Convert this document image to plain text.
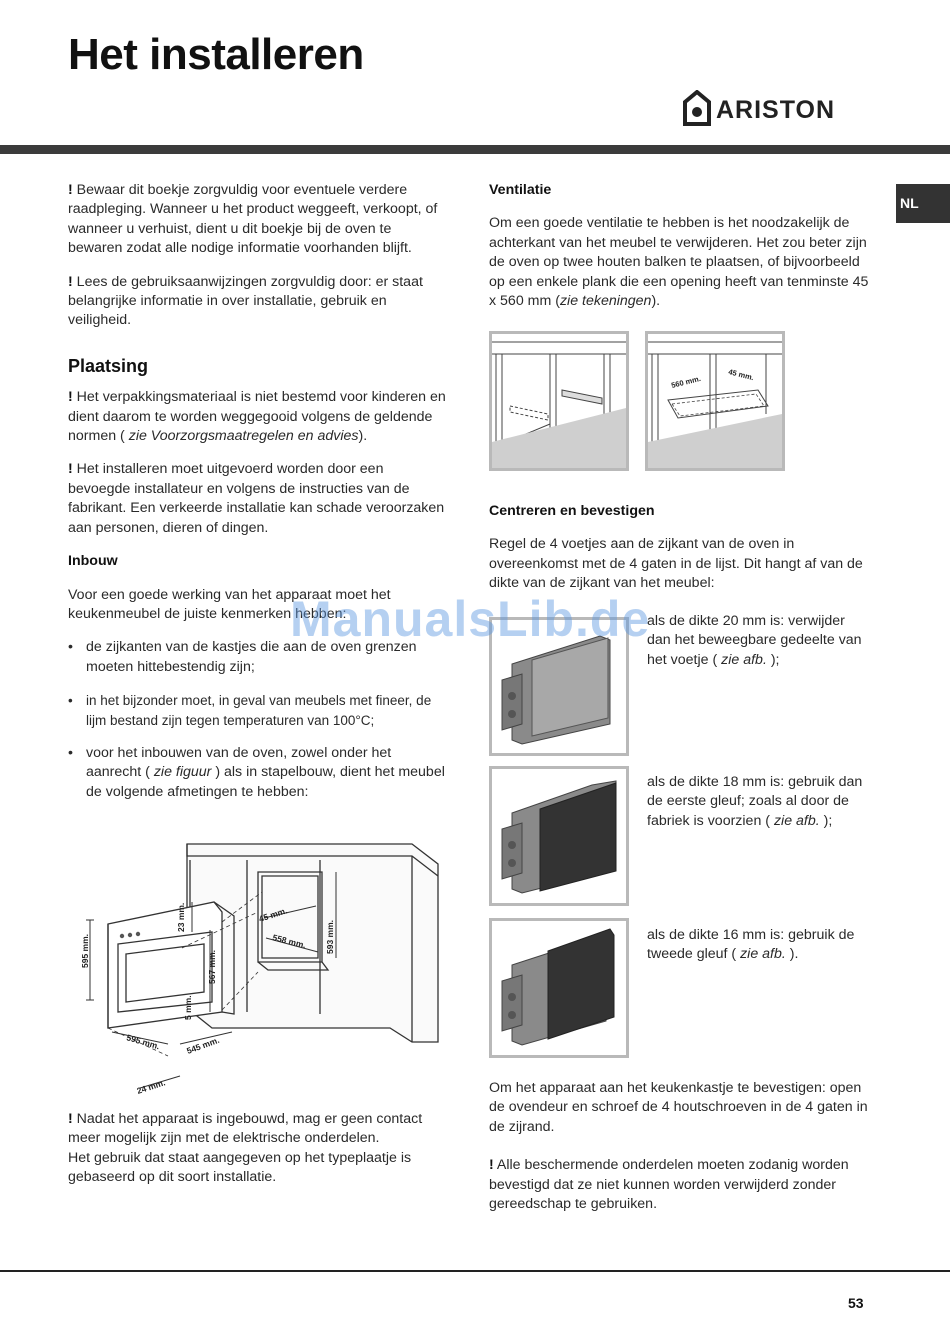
Het installeren
ARISTON
NL

! Bewaar dit boekje zorgvuldig voor eventuele verdere raadpleging. Wanneer u het product weggeeft, verkoopt, of wanneer u verhuist, dient u dit boekje bij de oven te bewaren zodat alle nodige informatie voorhanden blijft.

! Lees de gebruiksaanwijzingen zorgvuldig door: er staat belangrijke informatie in over installatie, gebruik en veiligheid.

Plaatsing

! Het verpakkingsmateriaal is niet bestemd voor kinderen en dient daarom te worden weggegooid volgens de geldende normen ( zie Voorzorgsmaatregelen en advies).

! Het installeren moet uitgevoerd worden door een bevoegde installateur en volgens de instructies van de fabrikant. Een verkeerde installatie kan schade veroorzaken aan personen, dieren of dingen.

Inbouw

Voor een goede werking van het apparaat moet het keukenmeubel de juiste kenmerken hebben:

• de zijkanten van de kastjes die aan de oven grenzen moeten hittebestendig zijn;

• in het bijzonder moet, in geval van meubels met fineer, de lijm bestand zijn tegen temperaturen van 100°C;

• voor het inbouwen van de oven, zowel onder het aanrecht ( zie figuur ) als in stapelbouw, dient het meubel de volgende afmetingen te hebben:

595 mm.
23 mm.
567 mm.
5 mm.
45 mm.
558 mm. 593 mm.
595 mm.	545 mm.
24 mm.

! Nadat het apparaat is ingebouwd, mag er geen contact meer mogelijk zijn met de elektrische onderdelen.

Het gebruik dat staat aangegeven op het typeplaatje is gebaseerd op dit soort installatie.

Ventilatie

Om een goede ventilatie te hebben is het noodzakelijk de achterkant van het meubel te verwijderen. Het zou beter zijn de oven op twee houten balken te plaatsen, of bijvoorbeeld op een enkele plank die een opening heeft van tenminste 45 x 560 mm (zie tekeningen).

560 mm.	45 mm.

Centreren en bevestigen

Regel de 4 voetjes aan de zijkant van de oven in overeenkomst met de 4 gaten in de lijst. Dit hangt af van de dikte van de zijkant van het meubel:

als de dikte 20 mm is: verwijder dan het beweegbare gedeelte van het voetje ( zie afb. );

als de dikte 18 mm is: gebruik dan de eerste gleuf; zoals al door de fabriek is voorzien ( zie afb. );

als de dikte 16 mm is: gebruik de tweede gleuf ( zie afb. ).

Om het apparaat aan het keukenkastje te bevestigen: open de ovendeur en schroef de 4 houtschroeven in de 4 gaten in de zijrand.

! Alle beschermende onderdelen moeten zodanig worden bevestigd dat ze niet kunnen worden verwijderd zonder gereedschap te gebruiken.

ManualsLib.de
53
